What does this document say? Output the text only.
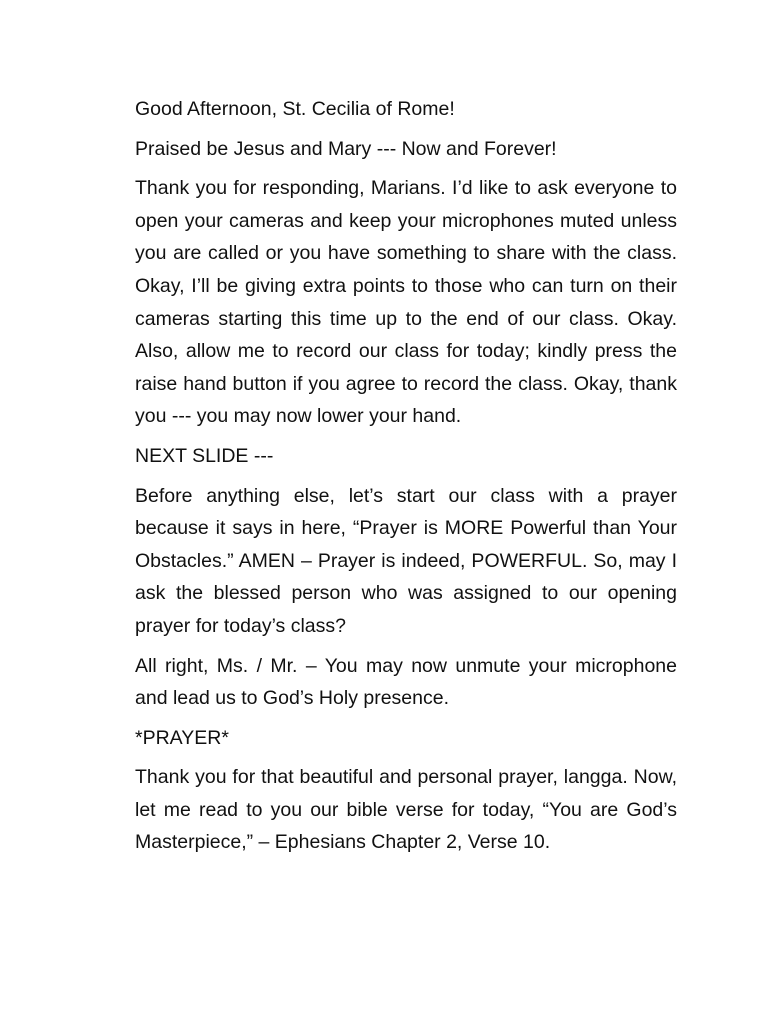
Good Afternoon, St. Cecilia of Rome!

Praised be Jesus and Mary --- Now and Forever!

Thank you for responding, Marians. I’d like to ask everyone to open your cameras and keep your microphones muted unless you are called or you have something to share with the class. Okay, I’ll be giving extra points to those who can turn on their cameras starting this time up to the end of our class. Okay. Also, allow me to record our class for today; kindly press the raise hand button if you agree to record the class. Okay, thank you --- you may now lower your hand.

NEXT SLIDE ---

Before anything else, let’s start our class with a prayer because it says in here, “Prayer is MORE Powerful than Your Obstacles.” AMEN – Prayer is indeed, POWERFUL. So, may I ask the blessed person who was assigned to our opening prayer for today’s class?

All right, Ms. / Mr. – You may now unmute your microphone and lead us to God’s Holy presence.

*PRAYER*

Thank you for that beautiful and personal prayer, langga. Now, let me read to you our bible verse for today, “You are God’s Masterpiece,” – Ephesians Chapter 2, Verse 10.
